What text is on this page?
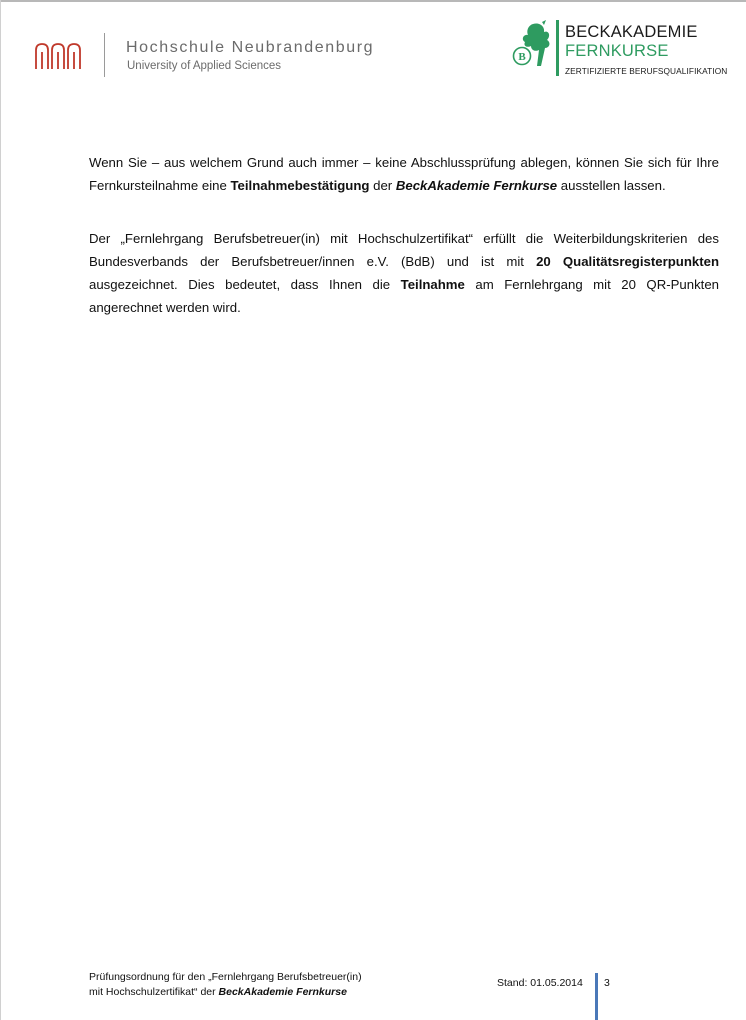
Hochschule Neubrandenburg
University of Applied Sciences
B
BECKAKADEMIE
FERNKURSE
ZERTIFIZIERTE BERUFSQUALIFIKATION
Wenn Sie – aus welchem Grund auch immer – keine Abschlussprüfung ablegen, können Sie sich für Ihre Fernkursteilnahme eine Teilnahmebestätigung der BeckAkademie Fernkurse ausstellen lassen.
Der „Fernlehrgang Berufsbetreuer(in) mit Hochschulzertifikat“ erfüllt die Weiterbildungskriterien des Bundesverbands der Berufsbetreuer/innen e.V. (BdB) und ist mit 20 Qualitätsregisterpunkten ausgezeichnet. Dies bedeutet, dass Ihnen die Teilnahme am Fernlehrgang mit 20 QR-Punkten angerechnet werden wird.
Prüfungsordnung für den „Fernlehrgang Berufsbetreuer(in)
mit Hochschulzertifikat“ der BeckAkademie Fernkurse
Stand: 01.05.2014 3
